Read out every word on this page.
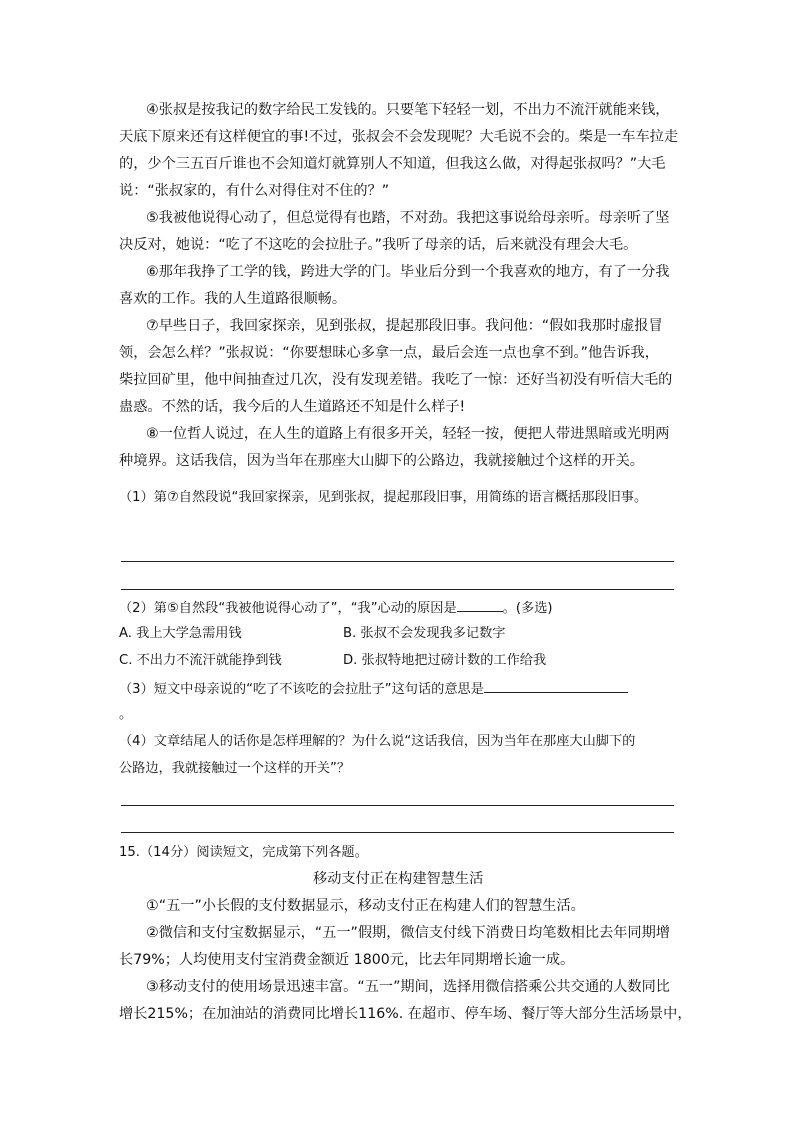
④张叔是按我记的数字给民工发钱的。只要笔下轻轻一划，不出力不流汗就能来钱，
天底下原来还有这样便宜的事!不过，张叔会不会发现呢？大毛说不会的。柴是一车车拉走
的，少个三五百斤谁也不会知道灯就算别人不知道，但我这么做，对得起张叔吗？”大毛
说：“张叔家的，有什么对得住对不住的？”
⑤我被他说得心动了，但总觉得有也踏，不对劲。我把这事说给母亲听。母亲听了坚
决反对，她说：“吃了不这吃的会拉肚子。”我听了母亲的话，后来就没有理会大毛。
⑥那年我挣了工学的钱，跨进大学的门。毕业后分到一个我喜欢的地方，有了一分我
喜欢的工作。我的人生道路很顺畅。
⑦早些日子，我回家探亲，见到张叔，提起那段旧事。我问他：“假如我那时虚报冒
领，会怎么样？”张叔说：“你要想昧心多拿一点，最后会连一点也拿不到。”他告诉我，
柴拉回矿里，他中间抽查过几次，没有发现差错。我吃了一惊：还好当初没有听信大毛的
蛊惑。不然的话，我今后的人生道路还不知是什么样子!
⑧一位哲人说过，在人生的道路上有很多开关，轻轻一按，便把人带进黑暗或光明两
种境界。这话我信，因为当年在那座大山脚下的公路边，我就接触过个这样的开关。
（1）第⑦自然段说“我回家探亲，见到张叔，提起那段旧事，用简练的语言概括那段旧事。
（2）第⑤自然段“我被他说得心动了”，“我”心动的原因是	。(多选)
A. 我上大学急需用钱	B. 张叔不会发现我多记数字
C. 不出力不流汗就能挣到钱	D. 张叔特地把过磅计数的工作给我
（3）短文中母亲说的“吃了不该吃的会拉肚子”这句话的意思是
。
（4）文章结尾人的话你是怎样理解的？为什么说“这话我信，因为当年在那座大山脚下的
公路边，我就接触过一个这样的开关”？
15.（14分）阅读短文，完成第下列各题。
移动支付正在构建智慧生活
①“五一”小长假的支付数据显示，移动支付正在构建人们的智慧生活。
②微信和支付宝数据显示，“五一”假期，微信支付线下消费日均笔数相比去年同期增
长79%；人均使用支付宝消费金额近 1800元，比去年同期增长逾一成。
③移动支付的使用场景迅速丰富。“五一”期间，选择用微信搭乘公共交通的人数同比
增长215%；在加油站的消费同比增长116%. 在超市、停车场、餐厅等大部分生活场景中，
